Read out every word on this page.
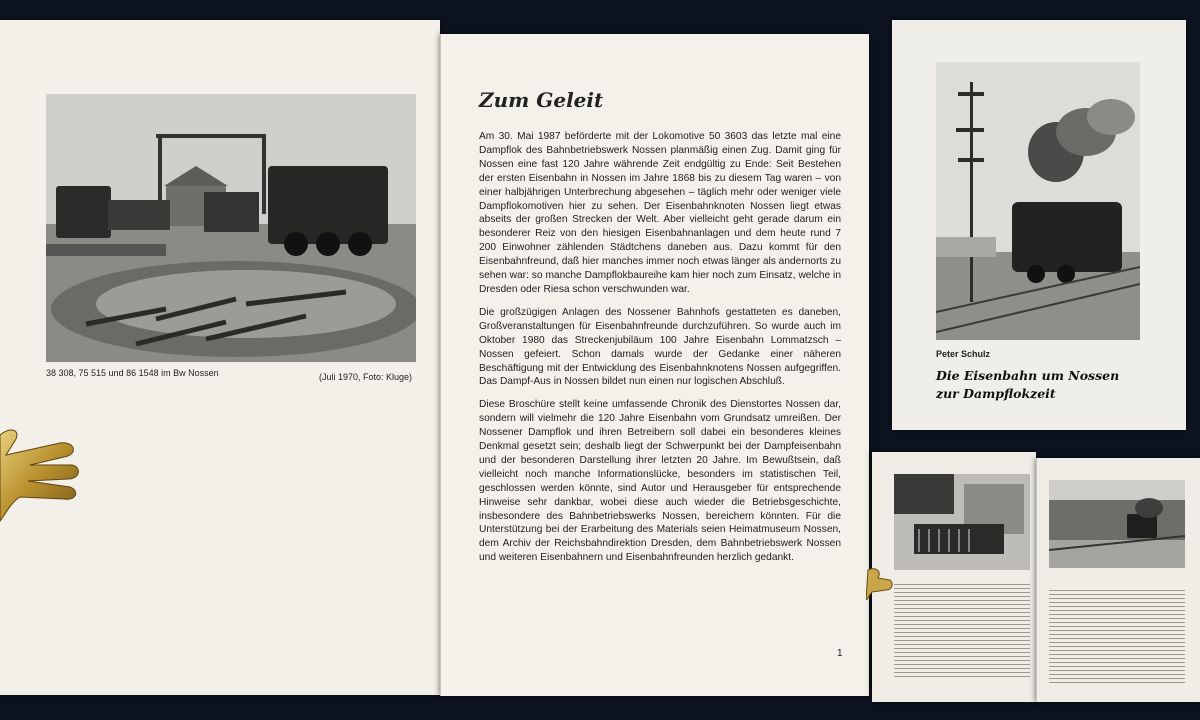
38 308, 75 515 und 86 1548 im Bw Nossen	(Juli 1970, Foto: Kluge)
Zum Geleit

Am 30. Mai 1987 beförderte mit der Lokomotive 50 3603 das letzte mal eine Dampflok des Bahnbetriebswerk Nossen planmäßig einen Zug. Damit ging für Nossen eine fast 120 Jahre währende Zeit endgültig zu Ende: Seit Bestehen der ersten Eisenbahn in Nossen im Jahre 1868 bis zu diesem Tag waren – von einer halbjährigen Unterbrechung abgesehen – täglich mehr oder weniger viele Dampflokomotiven hier zu sehen. Der Eisenbahnknoten Nossen liegt etwas abseits der großen Strecken der Welt. Aber vielleicht geht gerade darum ein besonderer Reiz von den hiesigen Eisenbahnanlagen und dem heute rund 7 200 Einwohner zählenden Städtchens daneben aus. Dazu kommt für den Eisenbahnfreund, daß hier manches immer noch etwas länger als andernorts zu sehen war: so manche Dampflokbaureihe kam hier noch zum Einsatz, welche in Dresden oder Riesa schon verschwunden war.

Die großzügigen Anlagen des Nossener Bahnhofs gestatteten es daneben, Großveranstaltungen für Eisenbahnfreunde durchzuführen. So wurde auch im Oktober 1980 das Streckenjubiläum 100 Jahre Eisenbahn Lommatzsch – Nossen gefeiert. Schon damals wurde der Gedanke einer näheren Beschäftigung mit der Entwicklung des Eisenbahnknotens Nossen aufgegriffen. Das Dampf-Aus in Nossen bildet nun einen nur logischen Abschluß.

Diese Broschüre stellt keine umfassende Chronik des Dienstortes Nossen dar, sondern will vielmehr die 120 Jahre Eisenbahn vom Grundsatz umreißen. Der Nossener Dampflok und ihren Betreibern soll dabei ein besonderes kleines Denkmal gesetzt sein; deshalb liegt der Schwerpunkt bei der Dampfeisenbahn und der besonderen Darstellung ihrer letzten 20 Jahre. Im Bewußtsein, daß vielleicht noch manche Informationslücke, besonders im statistischen Teil, geschlossen werden könnte, sind Autor und Herausgeber für entsprechende Hinweise sehr dankbar, wobei diese auch wieder die Betriebsgeschichte, insbesondere des Bahnbetriebswerks Nossen, bereichern könnten. Für die Unterstützung bei der Erarbeitung des Materials seien Heimatmuseum Nossen, dem Archiv der Reichsbahndirektion Dresden, dem Bahnbetriebswerk Nossen und weiteren Eisenbahnern und Eisenbahnfreunden herzlich gedankt.

1
Peter Schulz
Die Eisenbahn um Nossen
zur Dampflokzeit
